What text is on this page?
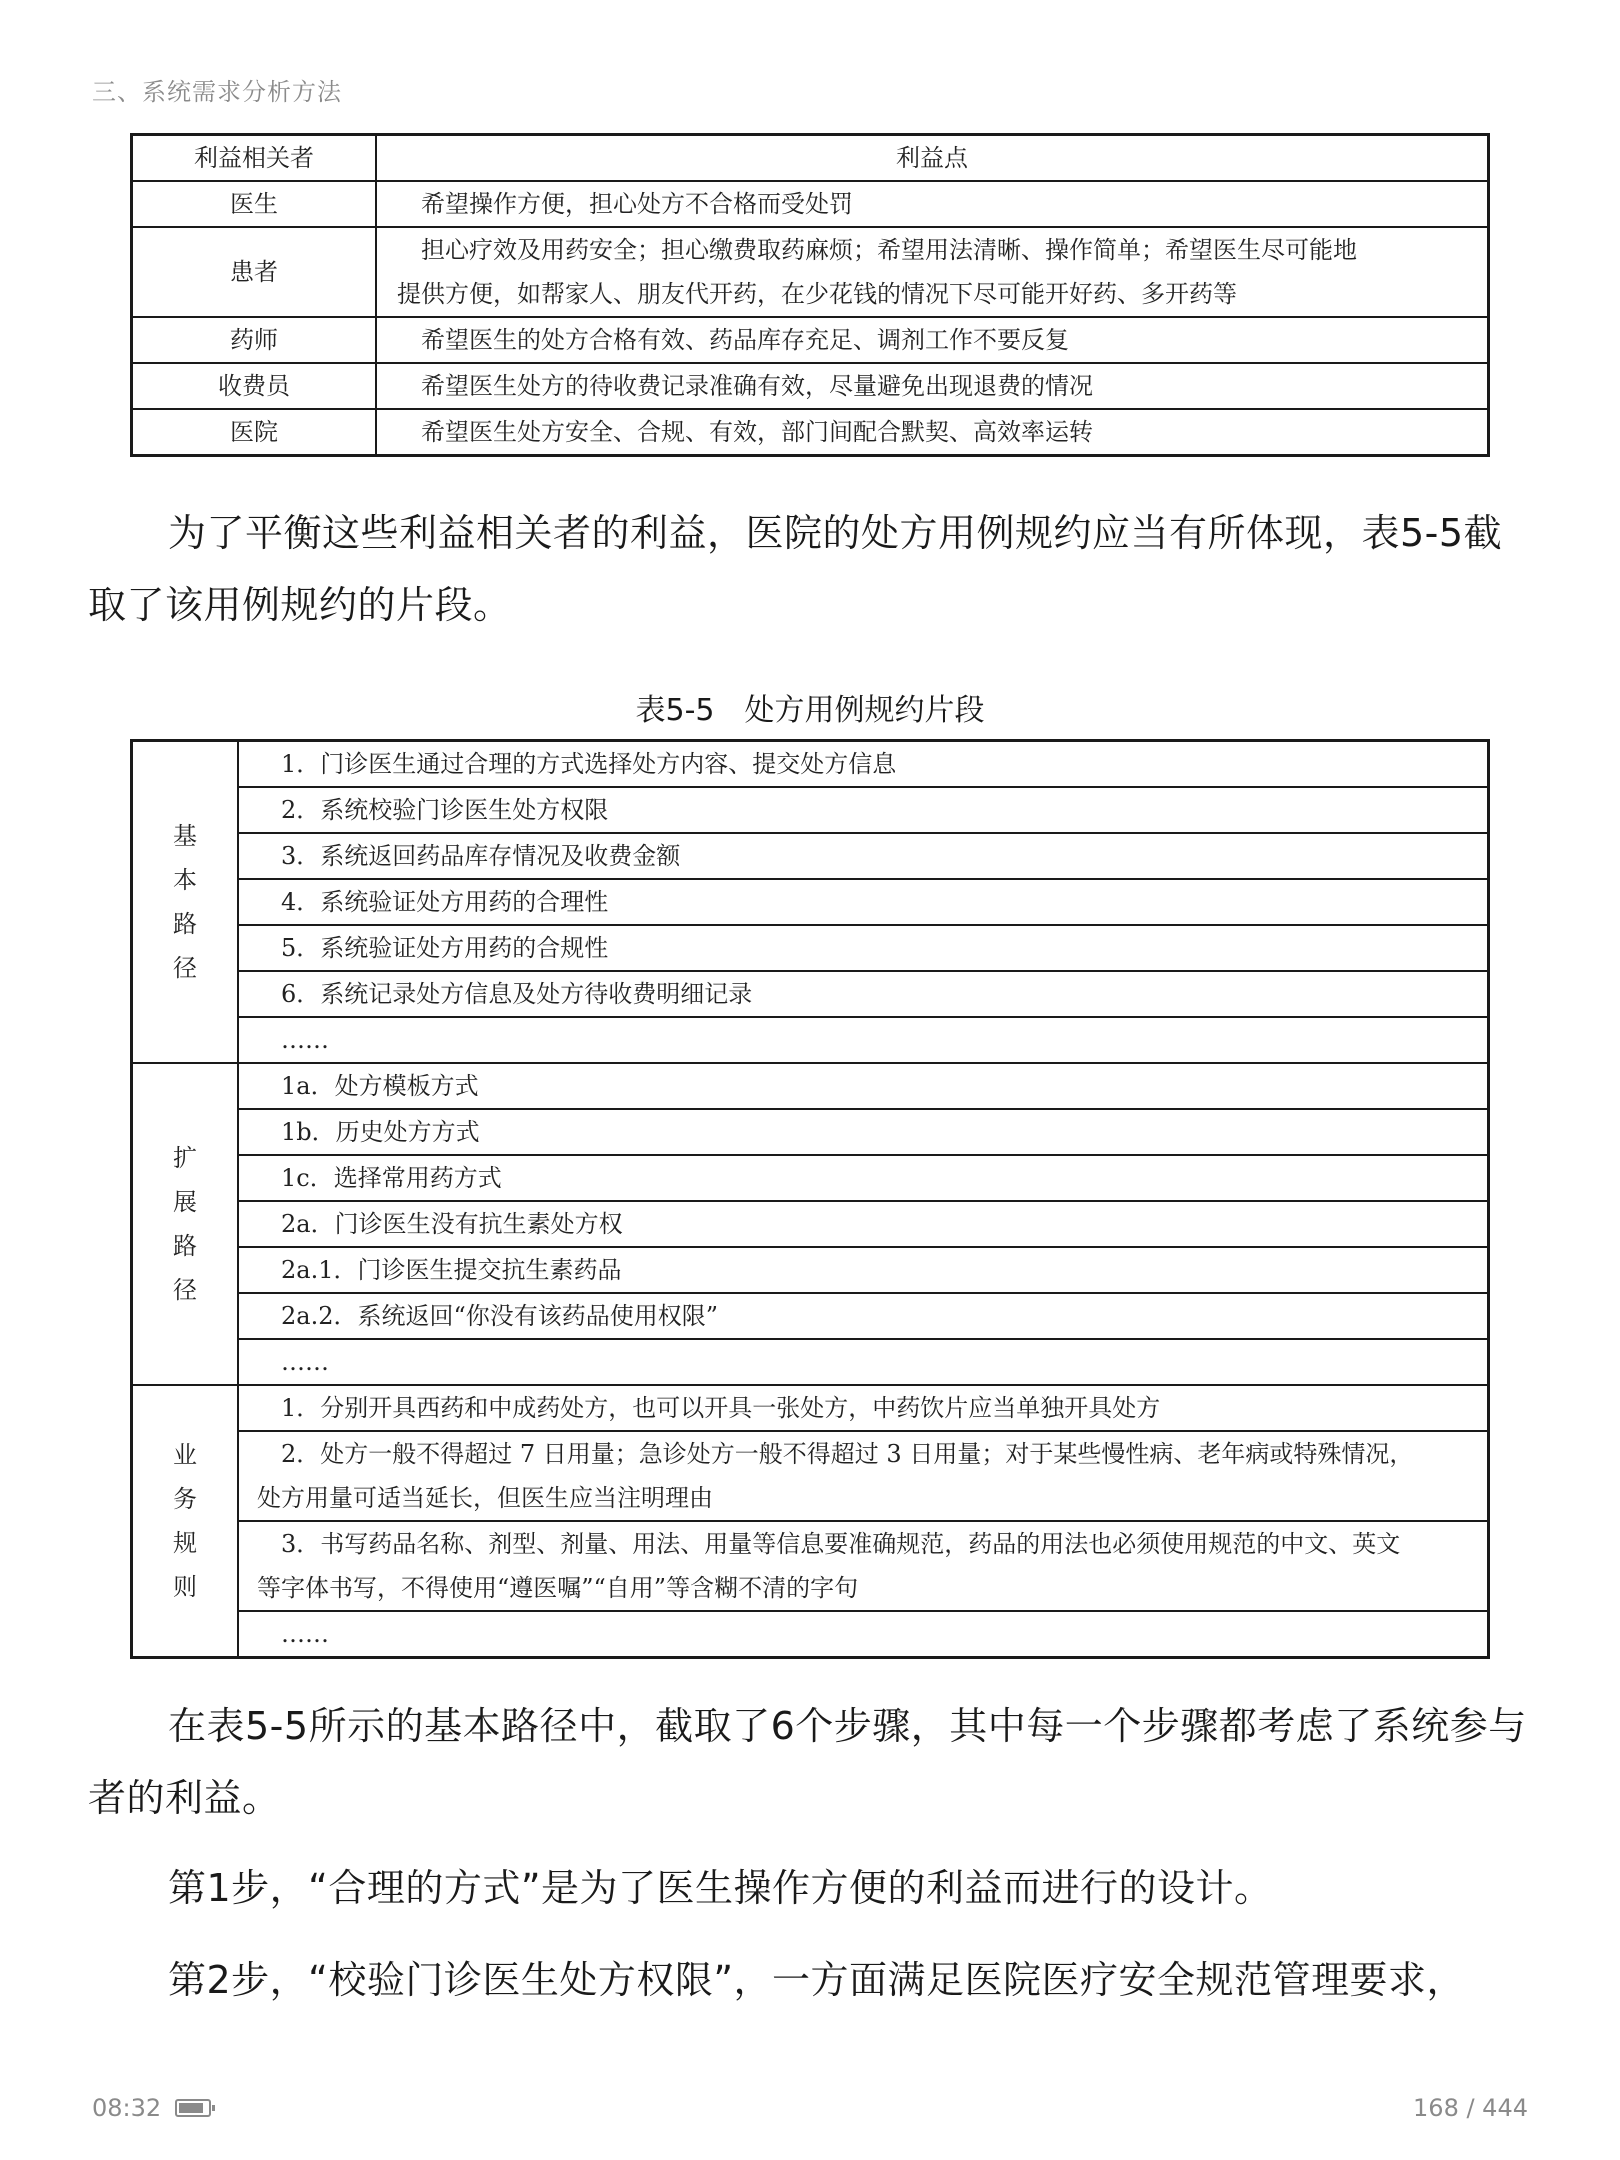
三、系统需求分析方法
利益相关者	利益点
医生	希望操作方便，担心处方不合格而受处罚

患者	担心疗效及用药安全；担心缴费取药麻烦；希望用法清晰、操作简单；希望医生尽可能地
提供方便，如帮家人、朋友代开药，在少花钱的情况下尽可能开好药、多开药等

药师	希望医生的处方合格有效、药品库存充足、调剂工作不要反复

收费员	希望医生处方的待收费记录准确有效，尽量避免出现退费的情况

医院	希望医生处方安全、合规、有效，部门间配合默契、高效率运转
为了平衡这些利益相关者的利益，医院的处方用例规约应当有所体现，表5-5截取了该用例规约的片段。
表5-5　处方用例规约片段
基本路径	1．门诊医生通过合理的方式选择处方内容、提交处方信息

	2．系统校验门诊医生处方权限

	3．系统返回药品库存情况及收费金额

	4．系统验证处方用药的合理性

	5．系统验证处方用药的合规性

	6．系统记录处方信息及处方待收费明细记录

	……

扩展路径	1a．处方模板方式

	1b．历史处方方式

	1c．选择常用药方式

	2a．门诊医生没有抗生素处方权

	2a.1．门诊医生提交抗生素药品

	2a.2．系统返回“你没有该药品使用权限”

	……

业务规则	1．分别开具西药和中成药处方，也可以开具一张处方，中药饮片应当单独开具处方

	2．处方一般不得超过 7 日用量；急诊处方一般不得超过 3 日用量；对于某些慢性病、老年病或特殊情况，
处方用量可适当延长，但医生应当注明理由

	3．书写药品名称、剂型、剂量、用法、用量等信息要准确规范，药品的用法也必须使用规范的中文、英文
等字体书写，不得使用“遵医嘱”“自用”等含糊不清的字句

	……
在表5-5所示的基本路径中，截取了6个步骤，其中每一个步骤都考虑了系统参与者的利益。
第1步，“合理的方式”是为了医生操作方便的利益而进行的设计。
第2步，“校验门诊医生处方权限”，一方面满足医院医疗安全规范管理要求，
08:32	168 / 444
